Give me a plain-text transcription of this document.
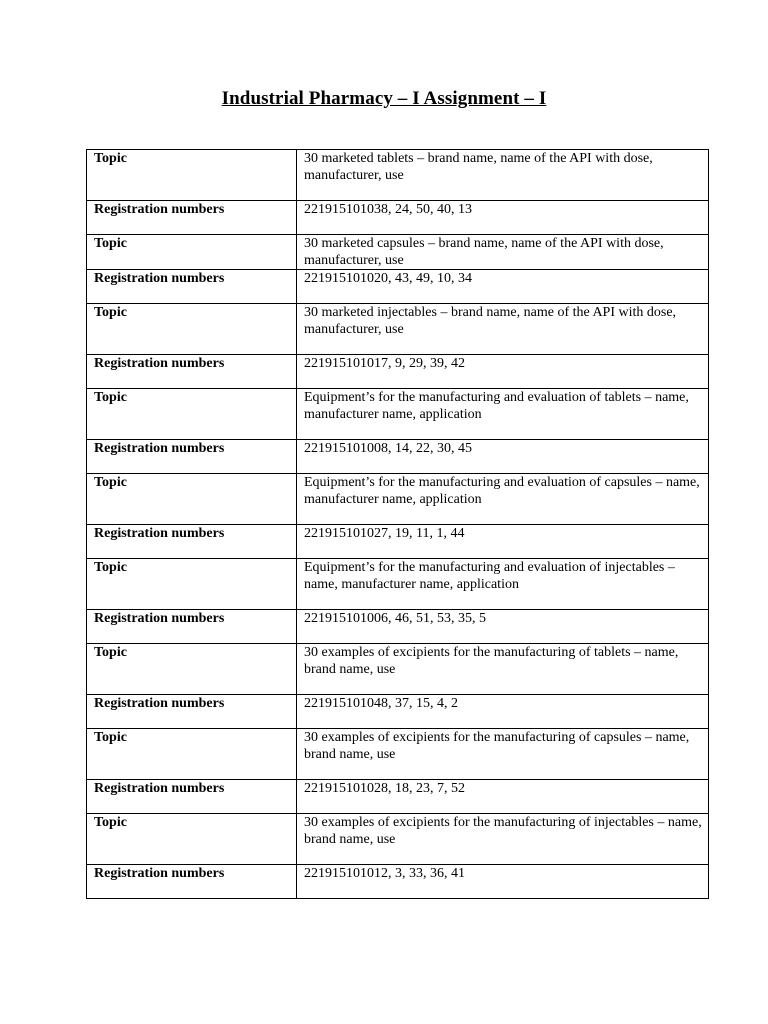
Industrial Pharmacy – I Assignment – I
Topic	30 marketed tablets – brand name, name of the API with dose, manufacturer, use
Registration numbers	221915101038, 24, 50, 40, 13
Topic	30 marketed capsules – brand name, name of the API with dose, manufacturer, use
Registration numbers	221915101020, 43, 49, 10, 34
Topic	30 marketed injectables – brand name, name of the API with dose, manufacturer, use
Registration numbers	221915101017, 9, 29, 39, 42
Topic	Equipment’s for the manufacturing and evaluation of tablets – name, manufacturer name, application
Registration numbers	221915101008, 14, 22, 30, 45
Topic	Equipment’s for the manufacturing and evaluation of capsules – name, manufacturer name, application
Registration numbers	221915101027, 19, 11, 1, 44
Topic	Equipment’s for the manufacturing and evaluation of injectables – name, manufacturer name, application
Registration numbers	221915101006, 46, 51, 53, 35, 5
Topic	30 examples of excipients for the manufacturing of tablets – name, brand name, use
Registration numbers	221915101048, 37, 15, 4, 2
Topic	30 examples of excipients for the manufacturing of capsules – name, brand name, use
Registration numbers	221915101028, 18, 23, 7, 52
Topic	30 examples of excipients for the manufacturing of injectables – name, brand name, use
Registration numbers	221915101012, 3, 33, 36, 41
